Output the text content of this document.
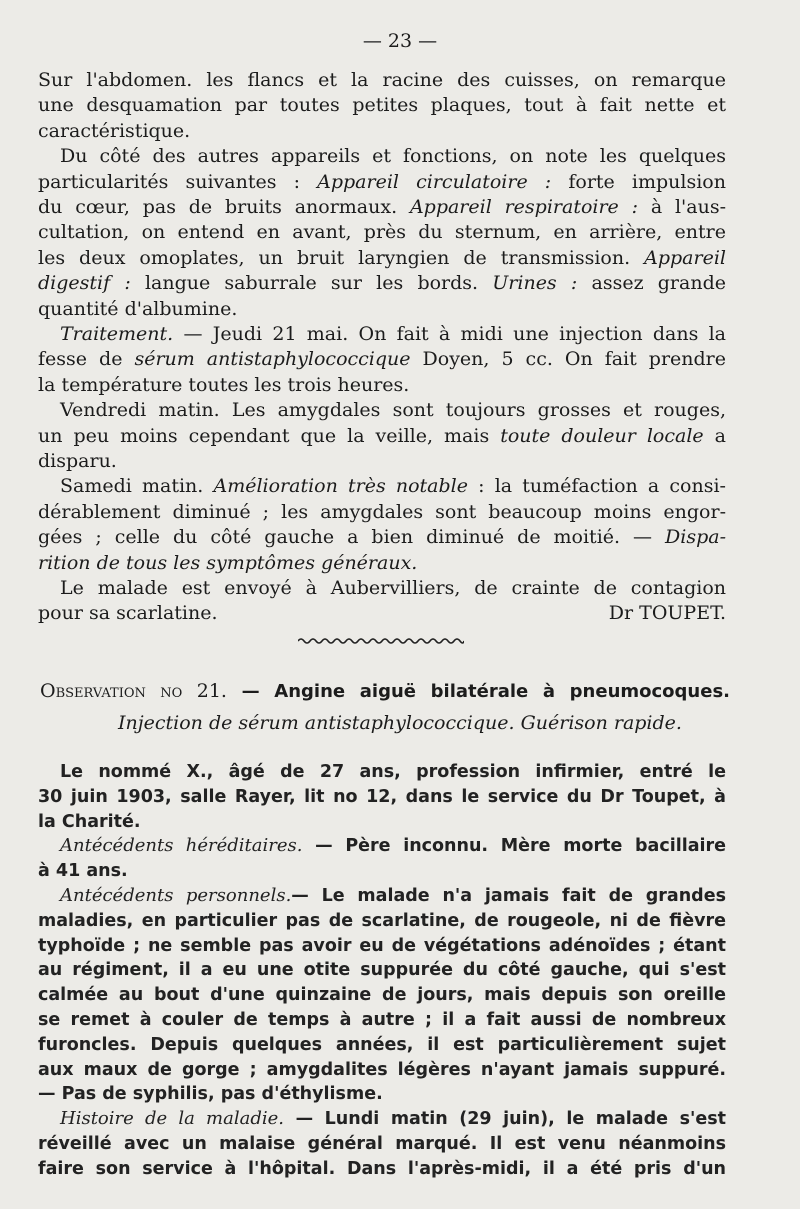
— 23 —
Sur l'abdomen. les flancs et la racine des cuisses, on remarque
une desquamation par toutes petites plaques, tout à fait nette et
caractéristique.
Du côté des autres appareils et fonctions, on note les quelques
particularités suivantes : Appareil circulatoire : forte impulsion
du cœur, pas de bruits anormaux. Appareil respiratoire : à l'aus-
cultation, on entend en avant, près du sternum, en arrière, entre
les deux omoplates, un bruit laryngien de transmission. Appareil
digestif : langue saburrale sur les bords. Urines : assez grande
quantité d'albumine.
Traitement. — Jeudi 21 mai. On fait à midi une injection dans la
fesse de sérum antistaphylococcique Doyen, 5 cc. On fait prendre
la température toutes les trois heures.
Vendredi matin. Les amygdales sont toujours grosses et rouges,
un peu moins cependant que la veille, mais toute douleur locale a
disparu.
Samedi matin. Amélioration très notable : la tuméfaction a consi-
dérablement diminué ; les amygdales sont beaucoup moins engor-
gées ; celle du côté gauche a bien diminué de moitié. — Dispa-
rition de tous les symptômes généraux.
Le malade est envoyé à Aubervilliers, de crainte de contagion
pour sa scarlatine.	Dr TOUPET.
Observation no 21. — Angine aiguë bilatérale à pneumocoques.
Injection de sérum antistaphylococcique. Guérison rapide.
Le nommé X., âgé de 27 ans, profession infirmier, entré le
30 juin 1903, salle Rayer, lit no 12, dans le service du Dr Toupet, à
la Charité.
Antécédents héréditaires. — Père inconnu. Mère morte bacillaire
à 41 ans.
Antécédents personnels.— Le malade n'a jamais fait de grandes
maladies, en particulier pas de scarlatine, de rougeole, ni de fièvre
typhoïde ; ne semble pas avoir eu de végétations adénoïdes ; étant
au régiment, il a eu une otite suppurée du côté gauche, qui s'est
calmée au bout d'une quinzaine de jours, mais depuis son oreille
se remet à couler de temps à autre ; il a fait aussi de nombreux
furoncles. Depuis quelques années, il est particulièrement sujet
aux maux de gorge ; amygdalites légères n'ayant jamais suppuré.
— Pas de syphilis, pas d'éthylisme.
Histoire de la maladie. — Lundi matin (29 juin), le malade s'est
réveillé avec un malaise général marqué. Il est venu néanmoins
faire son service à l'hôpital. Dans l'après-midi, il a été pris d'un
